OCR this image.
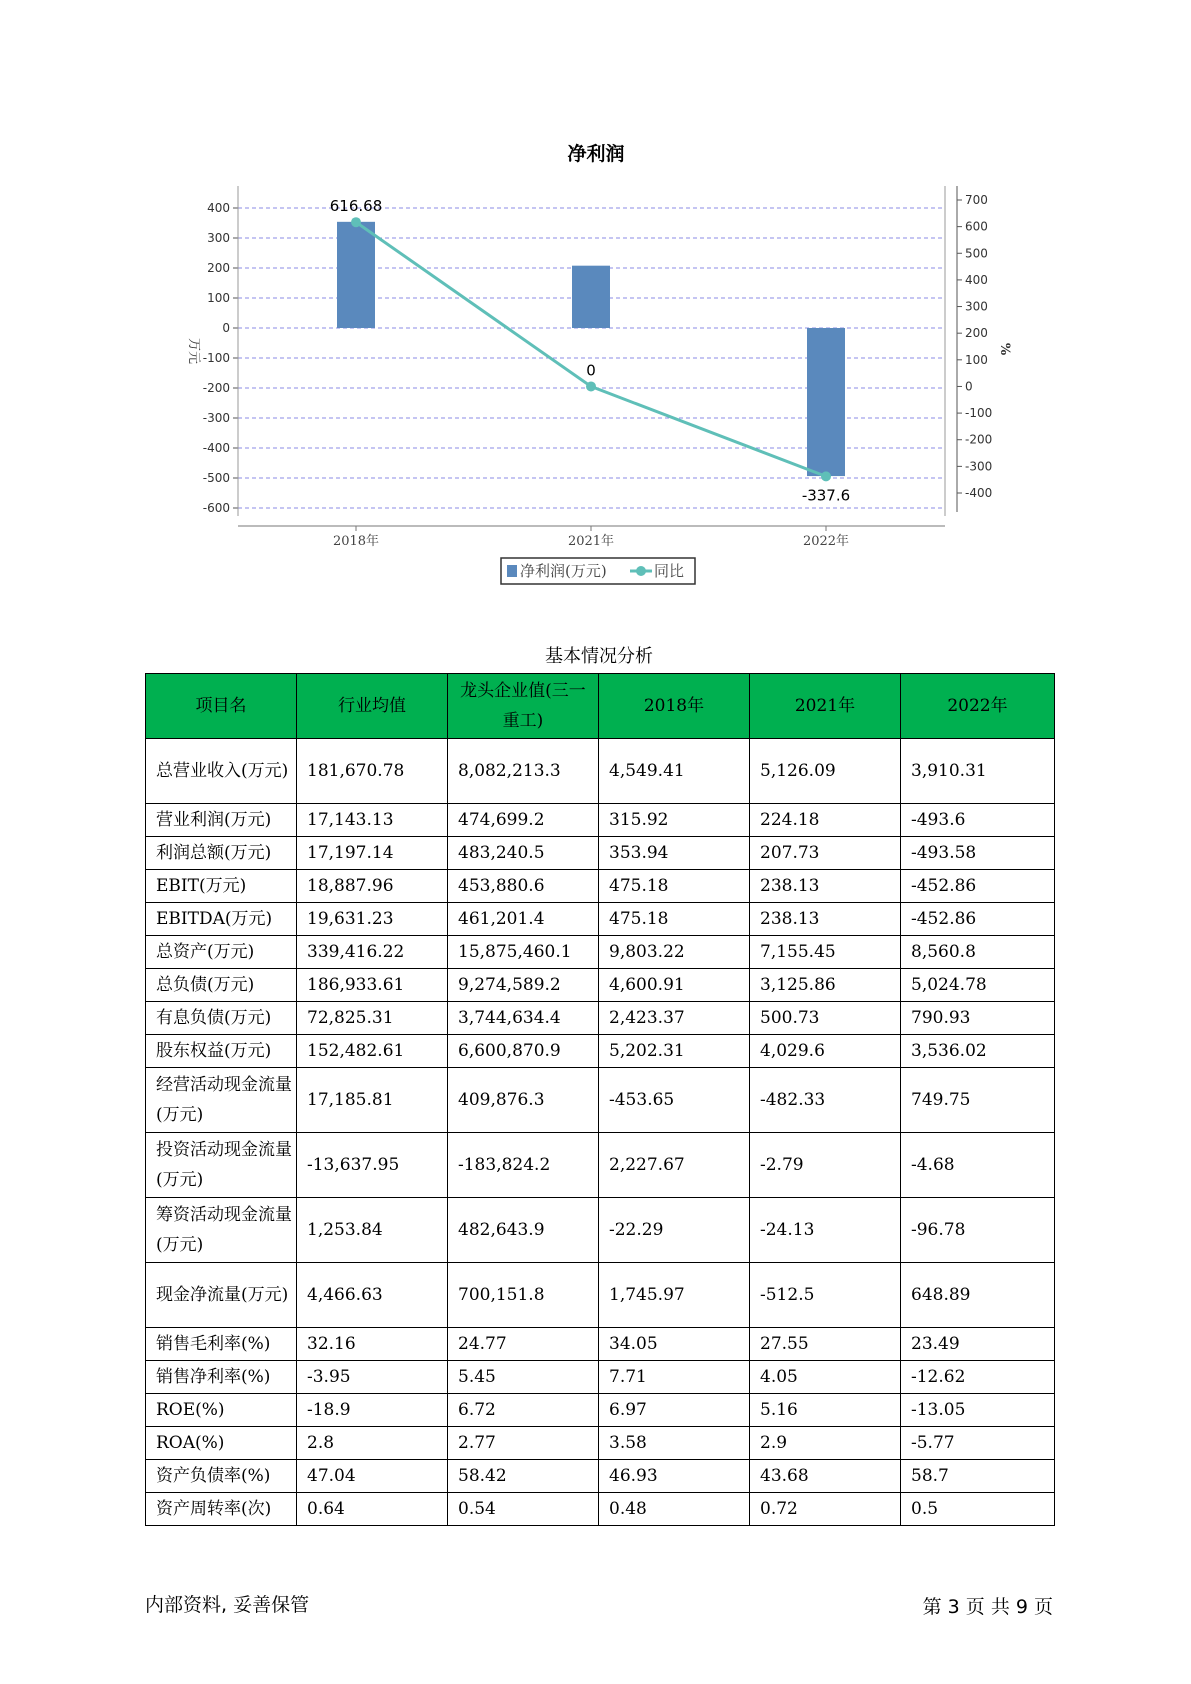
净利润
400
300
200
100
0
-100
-200
-300
-400
-500
-600
700
600
500
400
300
200
100
0
-100
-200
-300
-400
2018年	2021年	2022年
万元	%
616.68
0
-337.6
净利润(万元)	同比
基本情况分析
项目名	行业均值	龙头企业值(三一重工)	2018年	2021年	2022年
总营业收入(万元)	181,670.78	8,082,213.3	4,549.41	5,126.09	3,910.31
营业利润(万元)	17,143.13	474,699.2	315.92	224.18	-493.6
利润总额(万元)	17,197.14	483,240.5	353.94	207.73	-493.58
EBIT(万元)	18,887.96	453,880.6	475.18	238.13	-452.86
EBITDA(万元)	19,631.23	461,201.4	475.18	238.13	-452.86
总资产(万元)	339,416.22	15,875,460.1	9,803.22	7,155.45	8,560.8
总负债(万元)	186,933.61	9,274,589.2	4,600.91	3,125.86	5,024.78
有息负债(万元)	72,825.31	3,744,634.4	2,423.37	500.73	790.93
股东权益(万元)	152,482.61	6,600,870.9	5,202.31	4,029.6	3,536.02
经营活动现金流量(万元)	17,185.81	409,876.3	-453.65	-482.33	749.75
投资活动现金流量(万元)	-13,637.95	-183,824.2	2,227.67	-2.79	-4.68
筹资活动现金流量(万元)	1,253.84	482,643.9	-22.29	-24.13	-96.78
现金净流量(万元)	4,466.63	700,151.8	1,745.97	-512.5	648.89
销售毛利率(%)	32.16	24.77	34.05	27.55	23.49
销售净利率(%)	-3.95	5.45	7.71	4.05	-12.62
ROE(%)	-18.9	6.72	6.97	5.16	-13.05
ROA(%)	2.8	2.77	3.58	2.9	-5.77
资产负债率(%)	47.04	58.42	46.93	43.68	58.7
资产周转率(次)	0.64	0.54	0.48	0.72	0.5
内部资料, 妥善保管	第 3 页 共 9 页
